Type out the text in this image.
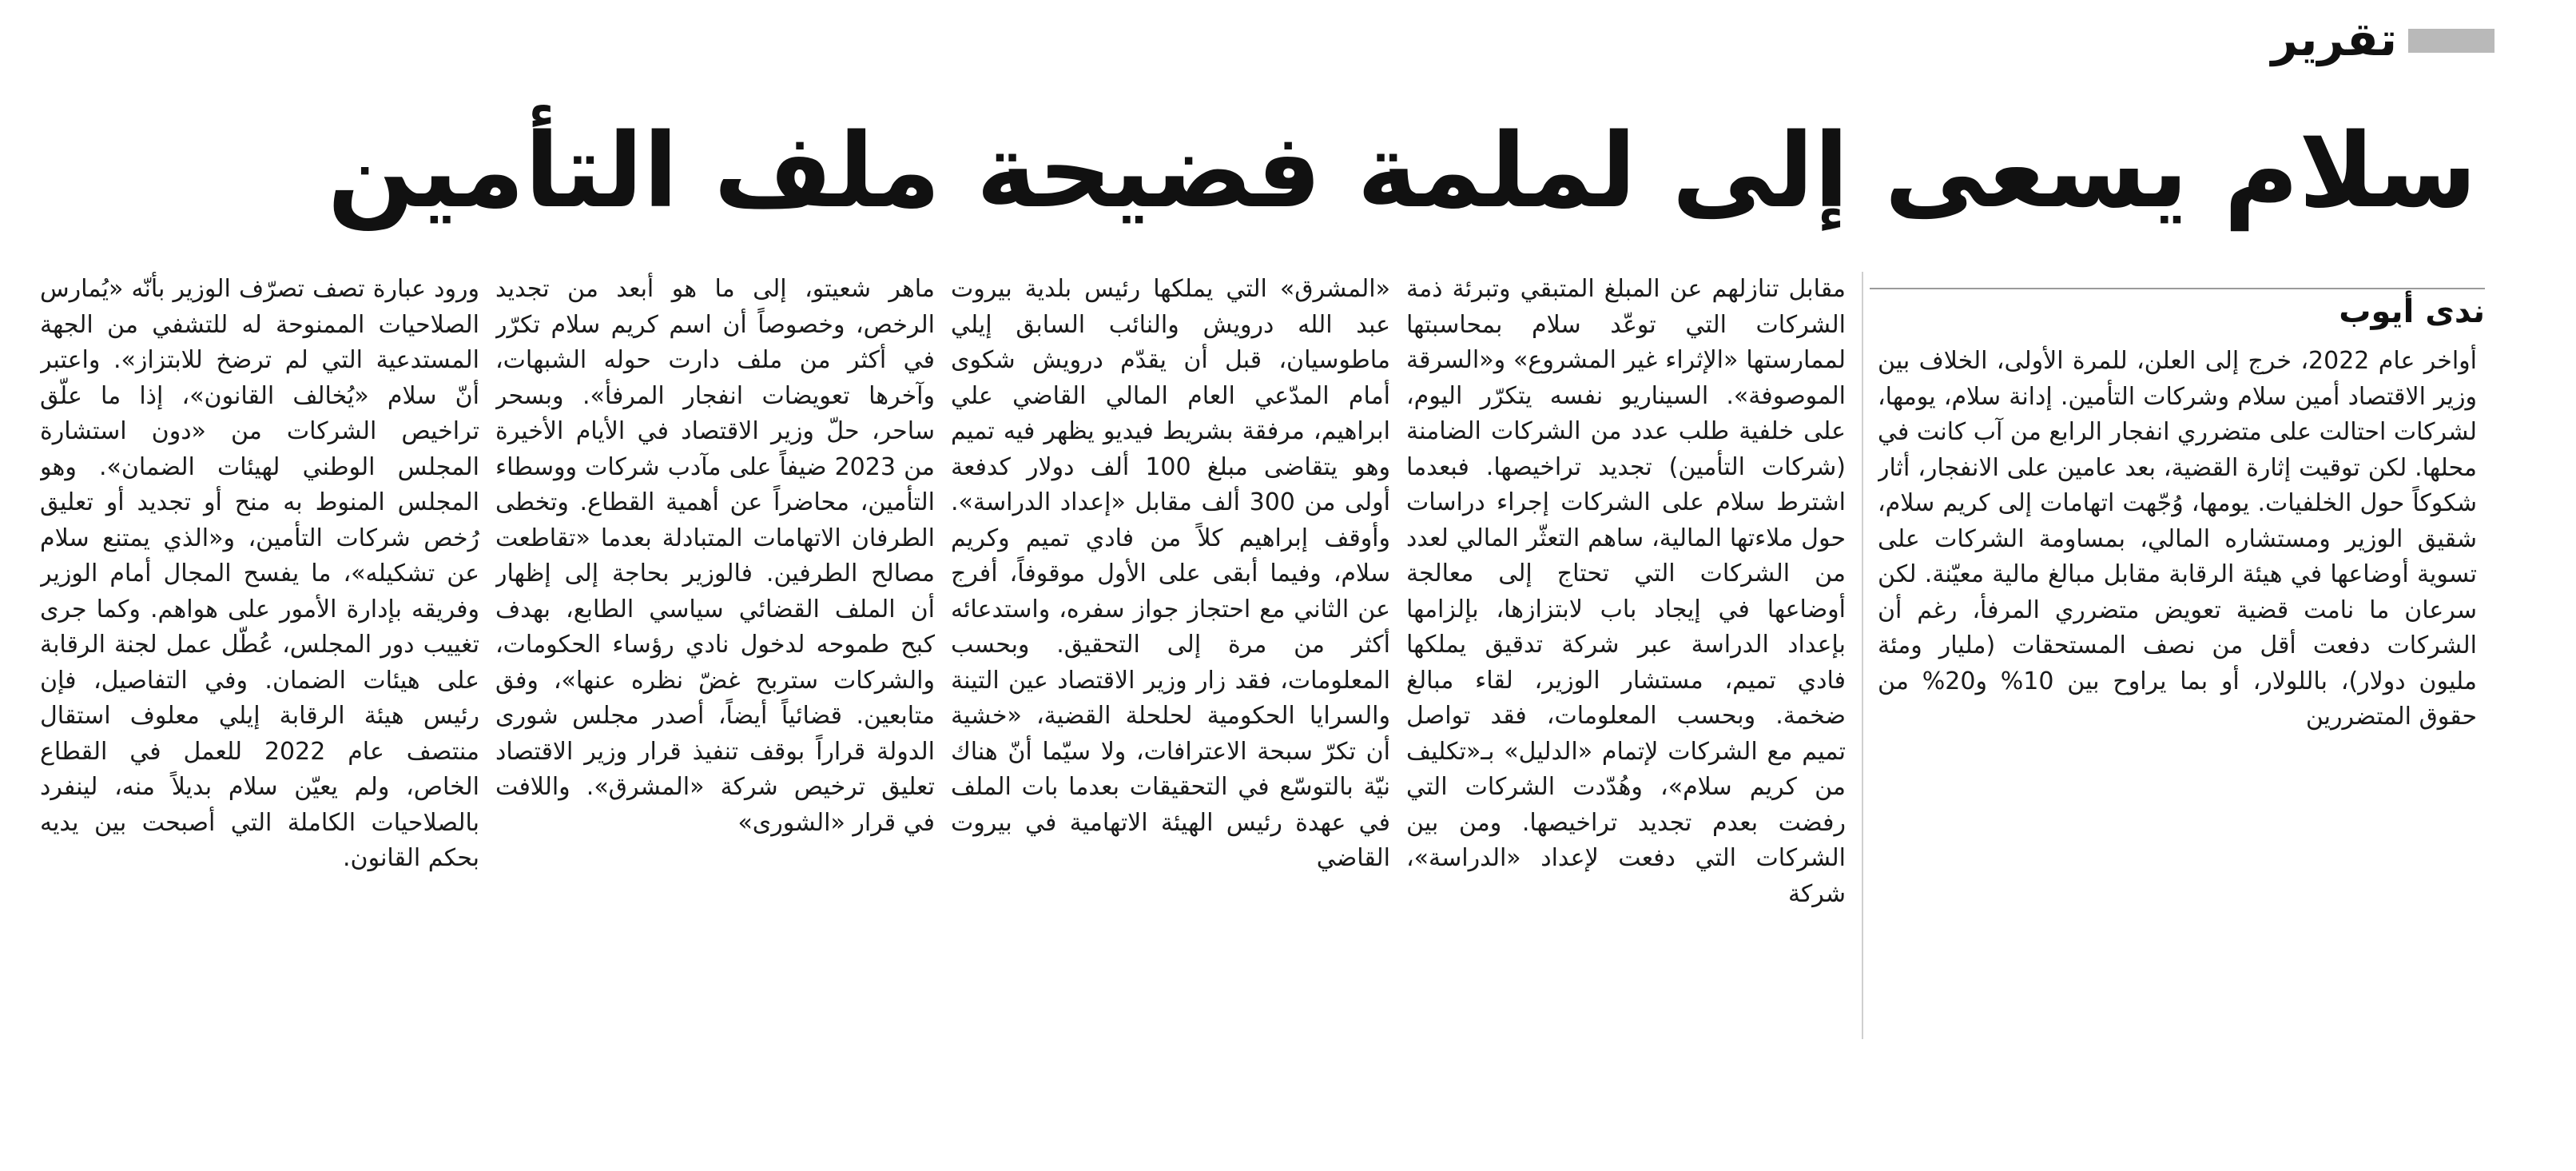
تقرير
سلام يسعى إلى لملمة فضيحة ملف التأمين
ندى أيوب

أواخر عام 2022، خرج إلى العلن، للمرة الأولى، الخلاف بين وزير الاقتصاد أمين سلام وشركات التأمين. إدانة سلام، يومها، لشركات احتالت على متضرري انفجار الرابع من آب كانت في محلها. لكن توقيت إثارة القضية، بعد عامين على الانفجار، أثار شكوكاً حول الخلفيات. يومها، وُجّهت اتهامات إلى كريم سلام، شقيق الوزير ومستشاره المالي، بمساومة الشركات على تسوية أوضاعها في هيئة الرقابة مقابل مبالغ مالية معيّنة. لكن سرعان ما نامت قضية تعويض متضرري المرفأ، رغم أن الشركات دفعت أقل من نصف المستحقات (مليار ومئة مليون دولار)، باللولار، أو بما يراوح بين 10% و20% من حقوق المتضررين

مقابل تنازلهم عن المبلغ المتبقي وتبرئة ذمة الشركات التي توعّد سلام بمحاسبتها لممارستها «الإثراء غير المشروع» و«السرقة الموصوفة». السيناريو نفسه يتكرّر اليوم، على خلفية طلب عدد من الشركات الضامنة (شركات التأمين) تجديد تراخيصها. فبعدما اشترط سلام على الشركات إجراء دراسات حول ملاءتها المالية، ساهم التعثّر المالي لعدد من الشركات التي تحتاج إلى معالجة أوضاعها في إيجاد باب لابتزازها، بإلزامها بإعداد الدراسة عبر شركة تدقيق يملكها فادي تميم، مستشار الوزير، لقاء مبالغ ضخمة. وبحسب المعلومات، فقد تواصل تميم مع الشركات لإتمام «الدليل» بـ«تكليف من كريم سلام»، وهُدّدت الشركات التي رفضت بعدم تجديد تراخيصها. ومن بين الشركات التي دفعت لإعداد «الدراسة»، شركة

«المشرق» التي يملكها رئيس بلدية بيروت عبد الله درويش والنائب السابق إيلي ماطوسيان، قبل أن يقدّم درويش شكوى أمام المدّعي العام المالي القاضي علي ابراهيم، مرفقة بشريط فيديو يظهر فيه تميم وهو يتقاضى مبلغ 100 ألف دولار كدفعة أولى من 300 ألف مقابل «إعداد الدراسة». وأوقف إبراهيم كلاً من فادي تميم وكريم سلام، وفيما أبقى على الأول موقوفاً، أفرج عن الثاني مع احتجاز جواز سفره، واستدعائه أكثر من مرة إلى التحقيق. وبحسب المعلومات، فقد زار وزير الاقتصاد عين التينة والسرايا الحكومية لحلحلة القضية، «خشية أن تكرّ سبحة الاعترافات، ولا سيّما أنّ هناك نيّة بالتوسّع في التحقيقات بعدما بات الملف في عهدة رئيس الهيئة الاتهامية في بيروت القاضي

ماهر شعيتو، إلى ما هو أبعد من تجديد الرخص، وخصوصاً أن اسم كريم سلام تكرّر في أكثر من ملف دارت حوله الشبهات، وآخرها تعويضات انفجار المرفأ». وبسحر ساحر، حلّ وزير الاقتصاد في الأيام الأخيرة من 2023 ضيفاً على مآدب شركات ووسطاء التأمين، محاضراً عن أهمية القطاع. وتخطى الطرفان الاتهامات المتبادلة بعدما «تقاطعت مصالح الطرفين. فالوزير بحاجة إلى إظهار أن الملف القضائي سياسي الطابع، بهدف كبح طموحه لدخول نادي رؤساء الحكومات، والشركات ستربح غضّ نظره عنها»، وفق متابعين. قضائياً أيضاً، أصدر مجلس شورى الدولة قراراً بوقف تنفيذ قرار وزير الاقتصاد تعليق ترخيص شركة «المشرق». واللافت في قرار «الشورى»

ورود عبارة تصف تصرّف الوزير بأنّه «يُمارس الصلاحيات الممنوحة له للتشفي من الجهة المستدعية التي لم ترضخ للابتزاز». واعتبر أنّ سلام «يُخالف القانون»، إذا ما علّق تراخيص الشركات من «دون استشارة المجلس الوطني لهيئات الضمان». وهو المجلس المنوط به منح أو تجديد أو تعليق رُخص شركات التأمين، و«الذي يمتنع سلام عن تشكيله»، ما يفسح المجال أمام الوزير وفريقه بإدارة الأمور على هواهم. وكما جرى تغييب دور المجلس، عُطّل عمل لجنة الرقابة على هيئات الضمان. وفي التفاصيل، فإن رئيس هيئة الرقابة إيلي معلوف استقال منتصف عام 2022 للعمل في القطاع الخاص، ولم يعيّن سلام بديلاً منه، لينفرد بالصلاحيات الكاملة التي أصبحت بين يديه بحكم القانون.
